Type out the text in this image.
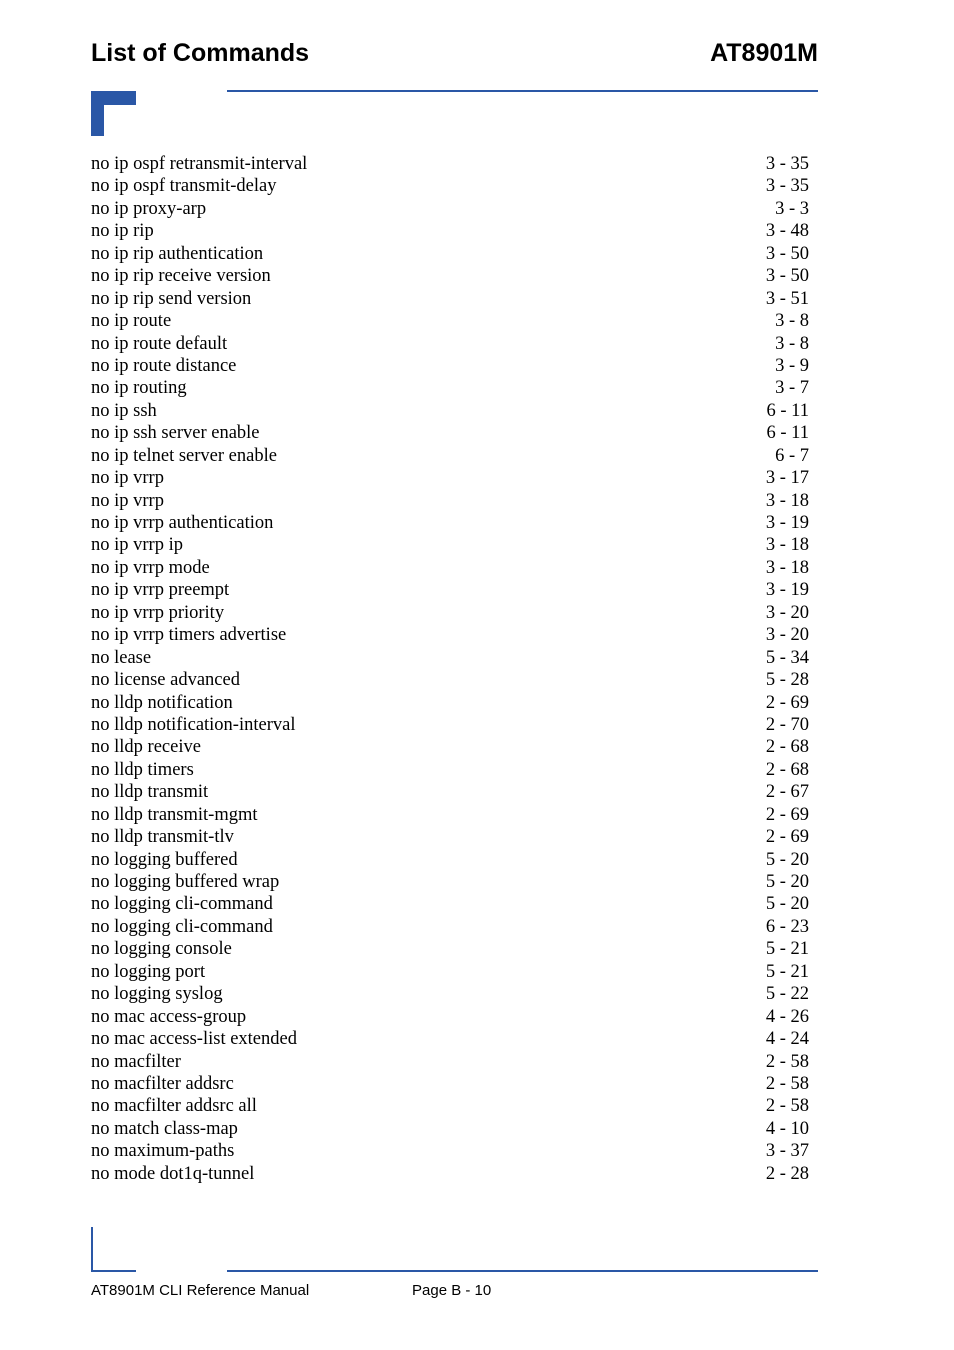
List of Commands	AT8901M
no ip ospf retransmit-interval	3 - 35
no ip ospf transmit-delay	3 - 35
no ip proxy-arp	3 - 3
no ip rip	3 - 48
no ip rip authentication	3 - 50
no ip rip receive version	3 - 50
no ip rip send version	3 - 51
no ip route	3 - 8
no ip route default	3 - 8
no ip route distance	3 - 9
no ip routing	3 - 7
no ip ssh	6 - 11
no ip ssh server enable	6 - 11
no ip telnet server enable	6 - 7
no ip vrrp	3 - 17
no ip vrrp	3 - 18
no ip vrrp authentication	3 - 19
no ip vrrp ip	3 - 18
no ip vrrp mode	3 - 18
no ip vrrp preempt	3 - 19
no ip vrrp priority	3 - 20
no ip vrrp timers advertise	3 - 20
no lease	5 - 34
no license advanced	5 - 28
no lldp notification	2 - 69
no lldp notification-interval	2 - 70
no lldp receive	2 - 68
no lldp timers	2 - 68
no lldp transmit	2 - 67
no lldp transmit-mgmt	2 - 69
no lldp transmit-tlv	2 - 69
no logging buffered	5 - 20
no logging buffered wrap	5 - 20
no logging cli-command	5 - 20
no logging cli-command	6 - 23
no logging console	5 - 21
no logging port	5 - 21
no logging syslog	5 - 22
no mac access-group	4 - 26
no mac access-list extended	4 - 24
no macfilter	2 - 58
no macfilter addsrc	2 - 58
no macfilter addsrc all	2 - 58
no match class-map	4 - 10
no maximum-paths	3 - 37
no mode dot1q-tunnel	2 - 28
AT8901M CLI Reference Manual	Page B - 10
